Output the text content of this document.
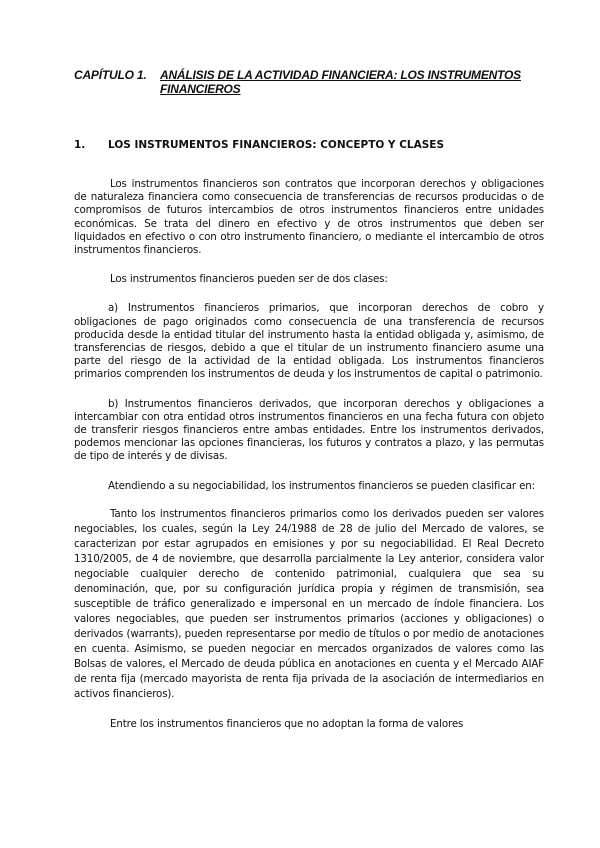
CAPÍTULO 1. ANÁLISIS DE LA ACTIVIDAD FINANCIERA: LOS INSTRUMENTOS
FINANCIEROS
1. LOS INSTRUMENTOS FINANCIEROS: CONCEPTO Y CLASES

Los instrumentos financieros son contratos que incorporan derechos y obligaciones de naturaleza financiera como consecuencia de transferencias de recursos producidas o de compromisos de futuros intercambios de otros instrumentos financieros entre unidades económicas. Se trata del dinero en efectivo y de otros instrumentos que deben ser liquidados en efectivo o con otro instrumento financiero, o mediante el intercambio de otros instrumentos financieros.

Los instrumentos financieros pueden ser de dos clases:

a) Instrumentos financieros primarios, que incorporan derechos de cobro y obligaciones de pago originados como consecuencia de una transferencia de recursos producida desde la entidad titular del instrumento hasta la entidad obligada y, asimismo, de transferencias de riesgos, debido a que el titular de un instrumento financiero asume una parte del riesgo de la actividad de la entidad obligada. Los instrumentos financieros primarios comprenden los instrumentos de deuda y los instrumentos de capital o patrimonio.

b) Instrumentos financieros derivados, que incorporan derechos y obligaciones a intercambiar con otra entidad otros instrumentos financieros en una fecha futura con objeto de transferir riesgos financieros entre ambas entidades. Entre los instrumentos derivados, podemos mencionar las opciones financieras, los futuros y contratos a plazo, y las permutas de tipo de interés y de divisas.

Atendiendo a su negociabilidad, los instrumentos financieros se pueden clasificar en:

Tanto los instrumentos financieros primarios como los derivados pueden ser valores negociables, los cuales, según la Ley 24/1988 de 28 de julio del Mercado de valores, se caracterizan por estar agrupados en emisiones y por su negociabilidad. El Real Decreto 1310/2005, de 4 de noviembre, que desarrolla parcialmente la Ley anterior, considera valor negociable cualquier derecho de contenido patrimonial, cualquiera que sea su denominación, que, por su configuración jurídica propia y régimen de transmisión, sea susceptible de tráfico generalizado e impersonal en un mercado de índole financiera. Los valores negociables, que pueden ser instrumentos primarios (acciones y obligaciones) o derivados (warrants), pueden representarse por medio de títulos o por medio de anotaciones en cuenta. Asimismo, se pueden negociar en mercados organizados de valores como las Bolsas de valores, el Mercado de deuda pública en anotaciones en cuenta y el Mercado AIAF de renta fija (mercado mayorista de renta fija privada de la asociación de intermediarios en activos financieros).

Entre los instrumentos financieros que no adoptan la forma de valores
